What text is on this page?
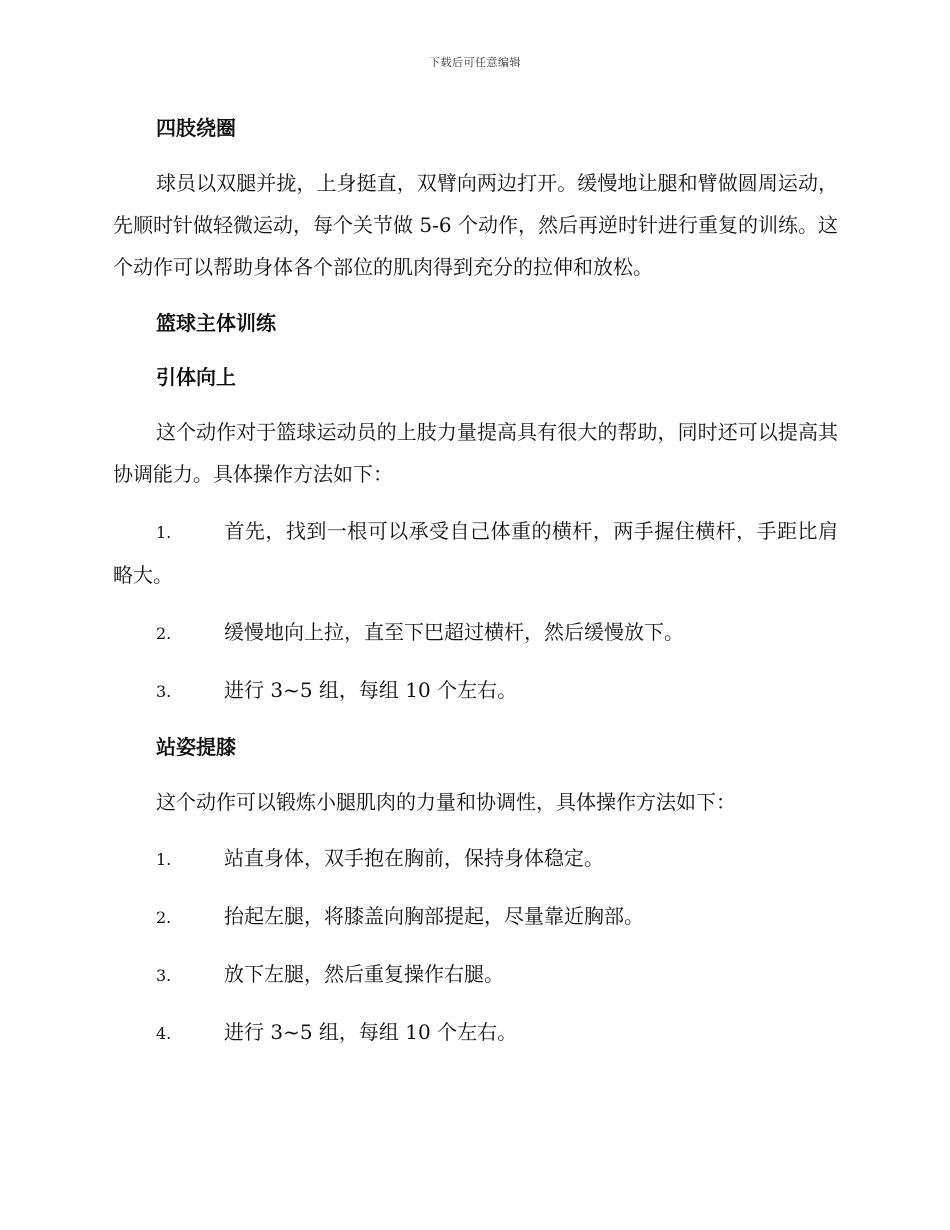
下载后可任意编辑
四肢绕圈

球员以双腿并拢，上身挺直，双臂向两边打开。缓慢地让腿和臂做圆周运动，先顺时针做轻微运动，每个关节做 5-6 个动作，然后再逆时针进行重复的训练。这个动作可以帮助身体各个部位的肌肉得到充分的拉伸和放松。

篮球主体训练
引体向上

这个动作对于篮球运动员的上肢力量提高具有很大的帮助，同时还可以提高其协调能力。具体操作方法如下：

1.	首先，找到一根可以承受自己体重的横杆，两手握住横杆，手距比肩略大。

2.	缓慢地向上拉，直至下巴超过横杆，然后缓慢放下。

3.	进行 3~5 组，每组 10 个左右。

站姿提膝

这个动作可以锻炼小腿肌肉的力量和协调性，具体操作方法如下：

1.	站直身体，双手抱在胸前，保持身体稳定。

2.	抬起左腿，将膝盖向胸部提起，尽量靠近胸部。

3.	放下左腿，然后重复操作右腿。

4.	进行 3~5 组，每组 10 个左右。
